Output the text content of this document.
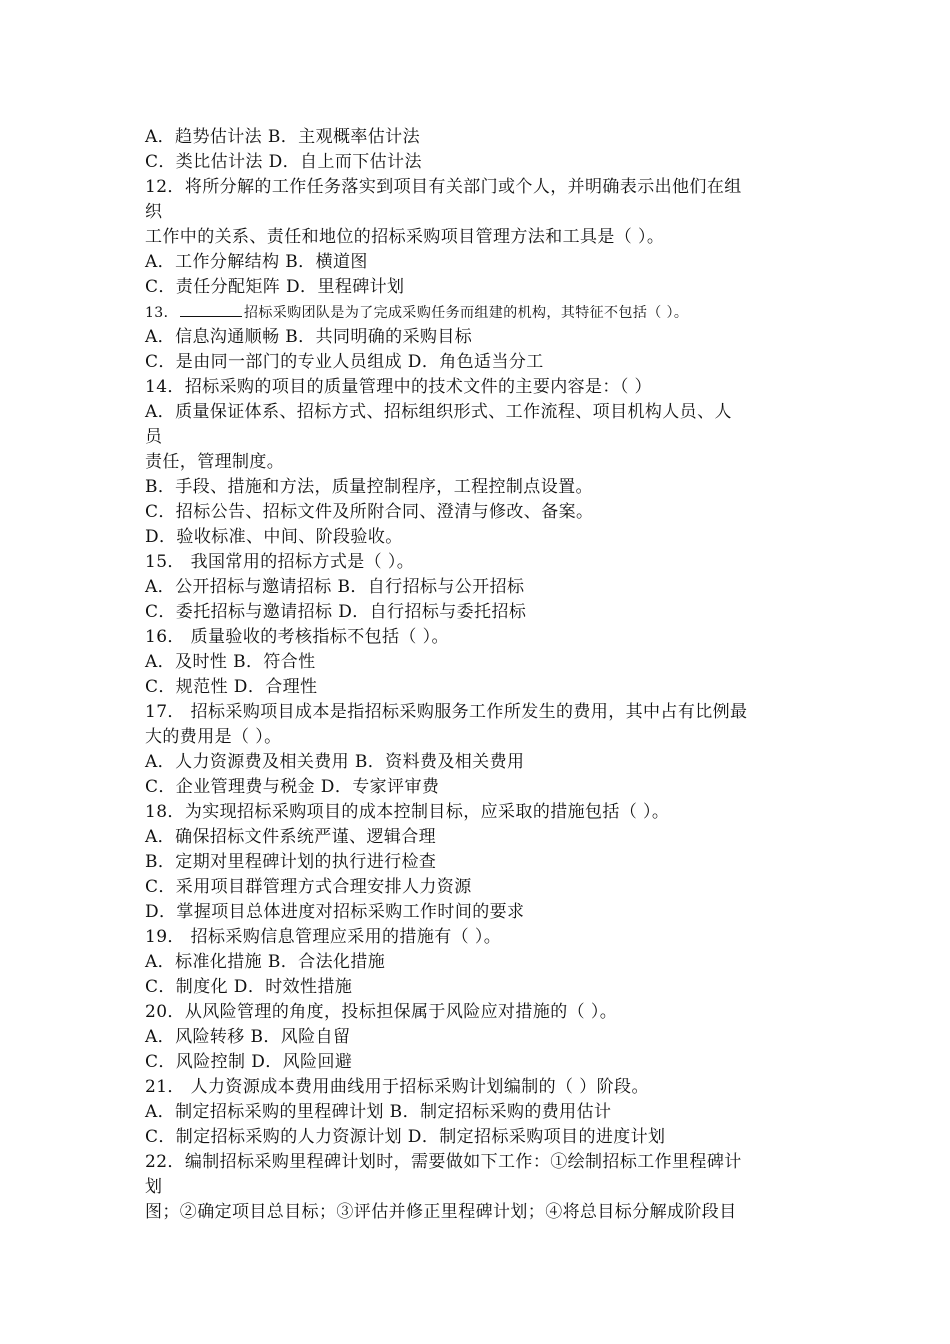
A．趋势估计法 B．主观概率估计法
C．类比估计法 D．自上而下估计法
12．将所分解的工作任务落实到项目有关部门或个人，并明确表示出他们在组
织
工作中的关系、责任和地位的招标采购项目管理方法和工具是（ ）。
A．工作分解结构 B．横道图
C．责任分配矩阵 D．里程碑计划
13．	招标采购团队是为了完成采购任务而组建的机构，其特征不包括（ ）。
A．信息沟通顺畅 B．共同明确的采购目标
C．是由同一部门的专业人员组成 D．角色适当分工
14．招标采购的项目的质量管理中的技术文件的主要内容是：（ ）
A．质量保证体系、招标方式、招标组织形式、工作流程、项目机构人员、人
员
责任，管理制度。
B．手段、措施和方法，质量控制程序，工程控制点设置。
C．招标公告、招标文件及所附合同、澄清与修改、备案。
D．验收标准、中间、阶段验收。
15． 我国常用的招标方式是（ ）。
A．公开招标与邀请招标 B．自行招标与公开招标
C．委托招标与邀请招标 D．自行招标与委托招标
16． 质量验收的考核指标不包括（ ）。
A．及时性 B．符合性
C．规范性 D．合理性
17． 招标采购项目成本是指招标采购服务工作所发生的费用，其中占有比例最
大的费用是（ ）。
A．人力资源费及相关费用 B．资料费及相关费用
C．企业管理费与税金 D．专家评审费
18．为实现招标采购项目的成本控制目标，应采取的措施包括（ ）。
A．确保招标文件系统严谨、逻辑合理
B．定期对里程碑计划的执行进行检查
C．采用项目群管理方式合理安排人力资源
D．掌握项目总体进度对招标采购工作时间的要求
19． 招标采购信息管理应采用的措施有（ ）。
A．标准化措施 B．合法化措施
C．制度化 D．时效性措施
20．从风险管理的角度，投标担保属于风险应对措施的（ ）。
A．风险转移 B．风险自留
C．风险控制 D．风险回避
21． 人力资源成本费用曲线用于招标采购计划编制的（ ）阶段。
A．制定招标采购的里程碑计划 B．制定招标采购的费用估计
C．制定招标采购的人力资源计划 D．制定招标采购项目的进度计划
22．编制招标采购里程碑计划时，需要做如下工作：①绘制招标工作里程碑计
划
图；②确定项目总目标；③评估并修正里程碑计划；④将总目标分解成阶段目
